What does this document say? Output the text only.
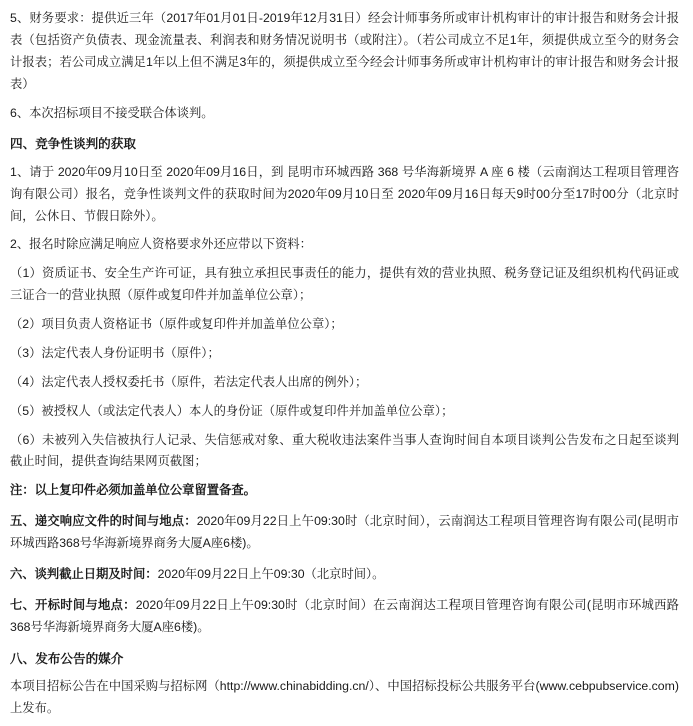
5、财务要求：提供近三年（2017年01月01日-2019年12月31日）经会计师事务所或审计机构审计的审计报告和财务会计报表（包括资产负债表、现金流量表、利润表和财务情况说明书（或附注）。（若公司成立不足1年，须提供成立至今的财务会计报表；若公司成立满足1年以上但不满足3年的，须提供成立至今经会计师事务所或审计机构审计的审计报告和财务会计报表）

6、本次招标项目不接受联合体谈判。

四、竞争性谈判的获取

1、请于 2020年09月10日至 2020年09月16日，到 昆明市环城西路 368 号华海新境界 A 座 6 楼（云南润达工程项目管理咨询有限公司）报名，竞争性谈判文件的获取时间为2020年09月10日至 2020年09月16日每天9时00分至17时00分（北京时间，公休日、节假日除外）。

2、报名时除应满足响应人资格要求外还应带以下资料：

（1）资质证书、安全生产许可证，具有独立承担民事责任的能力，提供有效的营业执照、税务登记证及组织机构代码证或三证合一的营业执照（原件或复印件并加盖单位公章）；

（2）项目负责人资格证书（原件或复印件并加盖单位公章）；

（3）法定代表人身份证明书（原件）；

（4）法定代表人授权委托书（原件，若法定代表人出席的例外）；

（5）被授权人（或法定代表人）本人的身份证（原件或复印件并加盖单位公章）；

（6）未被列入失信被执行人记录、失信惩戒对象、重大税收违法案件当事人查询时间自本项目谈判公告发布之日起至谈判截止时间，提供查询结果网页截图；

注：以上复印件必须加盖单位公章留置备查。

五、递交响应文件的时间与地点：2020年09月22日上午09:30时（北京时间），云南润达工程项目管理咨询有限公司(昆明市环城西路368号华海新境界商务大厦A座6楼)。

六、谈判截止日期及时间：2020年09月22日上午09:30（北京时间）。

七、开标时间与地点：2020年09月22日上午09:30时（北京时间）在云南润达工程项目管理咨询有限公司(昆明市环城西路368号华海新境界商务大厦A座6楼)。

八、发布公告的媒介

本项目招标公告在中国采购与招标网（http://www.chinabidding.cn/）、中国招标投标公共服务平台(www.cebpubservice.com)上发布。
